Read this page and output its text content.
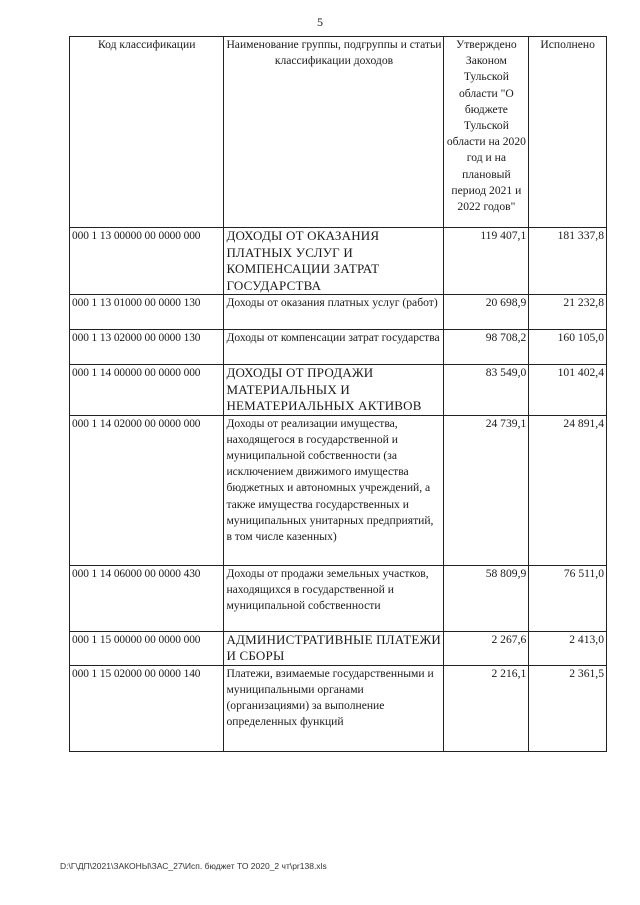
5
Код классификации	Наименование группы, подгруппы и статьи классификации доходов	Утверждено Законом Тульской области "О бюджете Тульской области на 2020 год и на плановый период 2021 и 2022 годов"	Исполнено
000 1 13 00000 00 0000 000	ДОХОДЫ ОТ ОКАЗАНИЯ ПЛАТНЫХ УСЛУГ И КОМПЕНСАЦИИ ЗАТРАТ ГОСУДАРСТВА	119 407,1	181 337,8
000 1 13 01000 00 0000 130	Доходы от оказания платных услуг (работ)	20 698,9	21 232,8
000 1 13 02000 00 0000 130	Доходы от компенсации затрат государства	98 708,2	160 105,0
000 1 14 00000 00 0000 000	ДОХОДЫ ОТ ПРОДАЖИ МАТЕРИАЛЬНЫХ И НЕМАТЕРИАЛЬНЫХ АКТИВОВ	83 549,0	101 402,4
000 1 14 02000 00 0000 000	Доходы от реализации имущества, находящегося в государственной и муниципальной собственности (за исключением движимого имущества бюджетных и автономных учреждений, а также имущества государственных и муниципальных унитарных предприятий, в том числе казенных)	24 739,1	24 891,4
000 1 14 06000 00 0000 430	Доходы от продажи земельных участков, находящихся в государственной и муниципальной собственности	58 809,9	76 511,0
000 1 15 00000 00 0000 000	АДМИНИСТРАТИВНЫЕ ПЛАТЕЖИ И СБОРЫ	2 267,6	2 413,0
000 1 15 02000 00 0000 140	Платежи, взимаемые государственными и муниципальными органами (организациями) за выполнение определенных функций	2 216,1	2 361,5
D:\Г\ДП\2021\ЗАКОНЫ\ЗАС_27\Исп. бюджет ТО 2020_2 чт\pr138.xls
